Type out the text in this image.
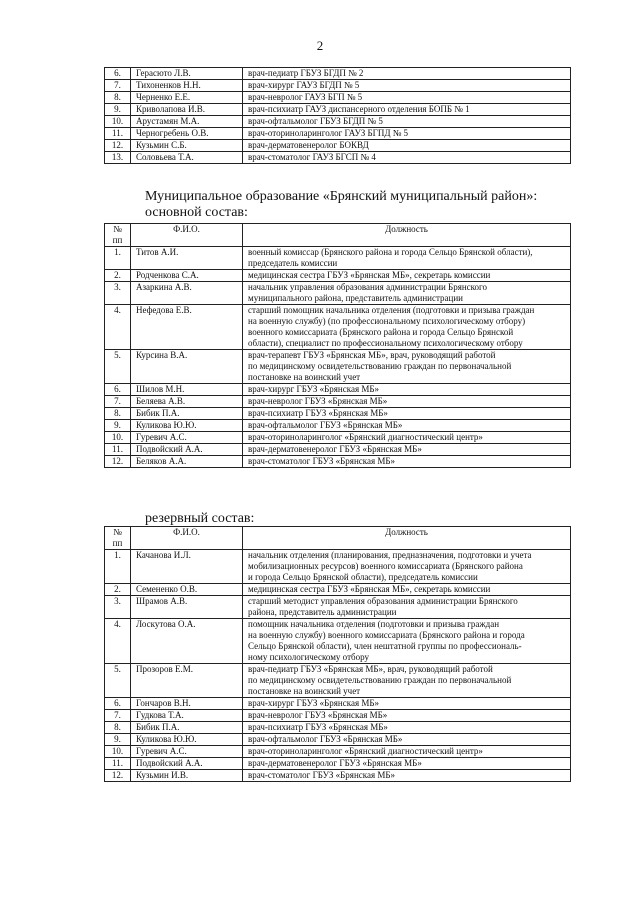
2
6.	Герасюто Л.В.	врач-педиатр ГБУЗ БГДП № 2
7.	Тихоненков Н.Н.	врач-хирург ГАУЗ БГДП № 5
8.	Черненко Е.Е.	врач-невролог ГАУЗ БГП № 5
9.	Криволапова И.В.	врач-психиатр ГАУЗ диспансерного отделения БОПБ № 1
10.	Арустамян М.А.	врач-офтальмолог ГБУЗ БГДП № 5
11.	Черногребень О.В.	врач-оториноларинголог ГАУЗ БГПД № 5
12.	Кузьмин С.Б.	врач-дерматовенеролог БОКВД
13.	Соловьева Т.А.	врач-стоматолог ГАУЗ БГСП № 4
Муниципальное образование «Брянский муниципальный район»:
основной состав:
№
пп	Ф.И.О.	Должность
1.	Титов А.И.	военный комиссар (Брянского района и города Сельцо Брянской области),
председатель комиссии
2.	Родченкова С.А.	медицинская сестра ГБУЗ «Брянская МБ», секретарь комиссии
3.	Азаркина А.В.	начальник управления образования администрации Брянского
муниципального района, представитель администрации
4.	Нефедова Е.В.	старший помощник начальника отделения (подготовки и призыва граждан
на военную службу) (по профессиональному психологическому отбору)
военного комиссариата (Брянского района и города Сельцо Брянской
области), специалист по профессиональному психологическому отбору
5.	Курсина В.А.	врач-терапевт ГБУЗ «Брянская МБ», врач, руководящий работой
по медицинскому освидетельствованию граждан по первоначальной
постановке на воинский учет
6.	Шилов М.Н.	врач-хирург ГБУЗ «Брянская МБ»
7.	Беляева А.В.	врач-невролог ГБУЗ «Брянская МБ»
8.	Бибик П.А.	врач-психиатр ГБУЗ «Брянская МБ»
9.	Куликова Ю.Ю.	врач-офтальмолог ГБУЗ «Брянская МБ»
10.	Гуревич А.С.	врач-оториноларинголог «Брянский диагностический центр»
11.	Подвойский А.А.	врач-дерматовенеролог ГБУЗ «Брянская МБ»
12.	Беляков А.А.	врач-стоматолог ГБУЗ «Брянская МБ»
резервный состав:
№
пп	Ф.И.О.	Должность
1.	Качанова И.Л.	начальник отделения (планирования, предназначения, подготовки и учета
мобилизационных ресурсов) военного комиссариата (Брянского района
и города Сельцо Брянской области), председатель комиссии
2.	Семененко О.В.	медицинская сестра ГБУЗ «Брянская МБ», секретарь комиссии
3.	Шрамов А.В.	старший методист управления образования администрации Брянского
района, представитель администрации
4.	Лоскутова О.А.	помощник начальника отделения (подготовки и призыва граждан
на военную службу) военного комиссариата (Брянского района и города
Сельцо Брянской области), член нештатной группы по профессиональ-
ному психологическому отбору
5.	Прозоров Е.М.	врач-педиатр ГБУЗ «Брянская МБ», врач, руководящий работой
по медицинскому освидетельствованию граждан по первоначальной
постановке на воинский учет
6.	Гончаров В.Н.	врач-хирург ГБУЗ «Брянская МБ»
7.	Гудкова Т.А.	врач-невролог ГБУЗ «Брянская МБ»
8.	Бибик П.А.	врач-психиатр ГБУЗ «Брянская МБ»
9.	Куликова Ю.Ю.	врач-офтальмолог ГБУЗ «Брянская МБ»
10.	Гуревич А.С.	врач-оториноларинголог «Брянский диагностический центр»
11.	Подвойский А.А.	врач-дерматовенеролог ГБУЗ «Брянская МБ»
12.	Кузьмин И.В.	врач-стоматолог ГБУЗ «Брянская МБ»
